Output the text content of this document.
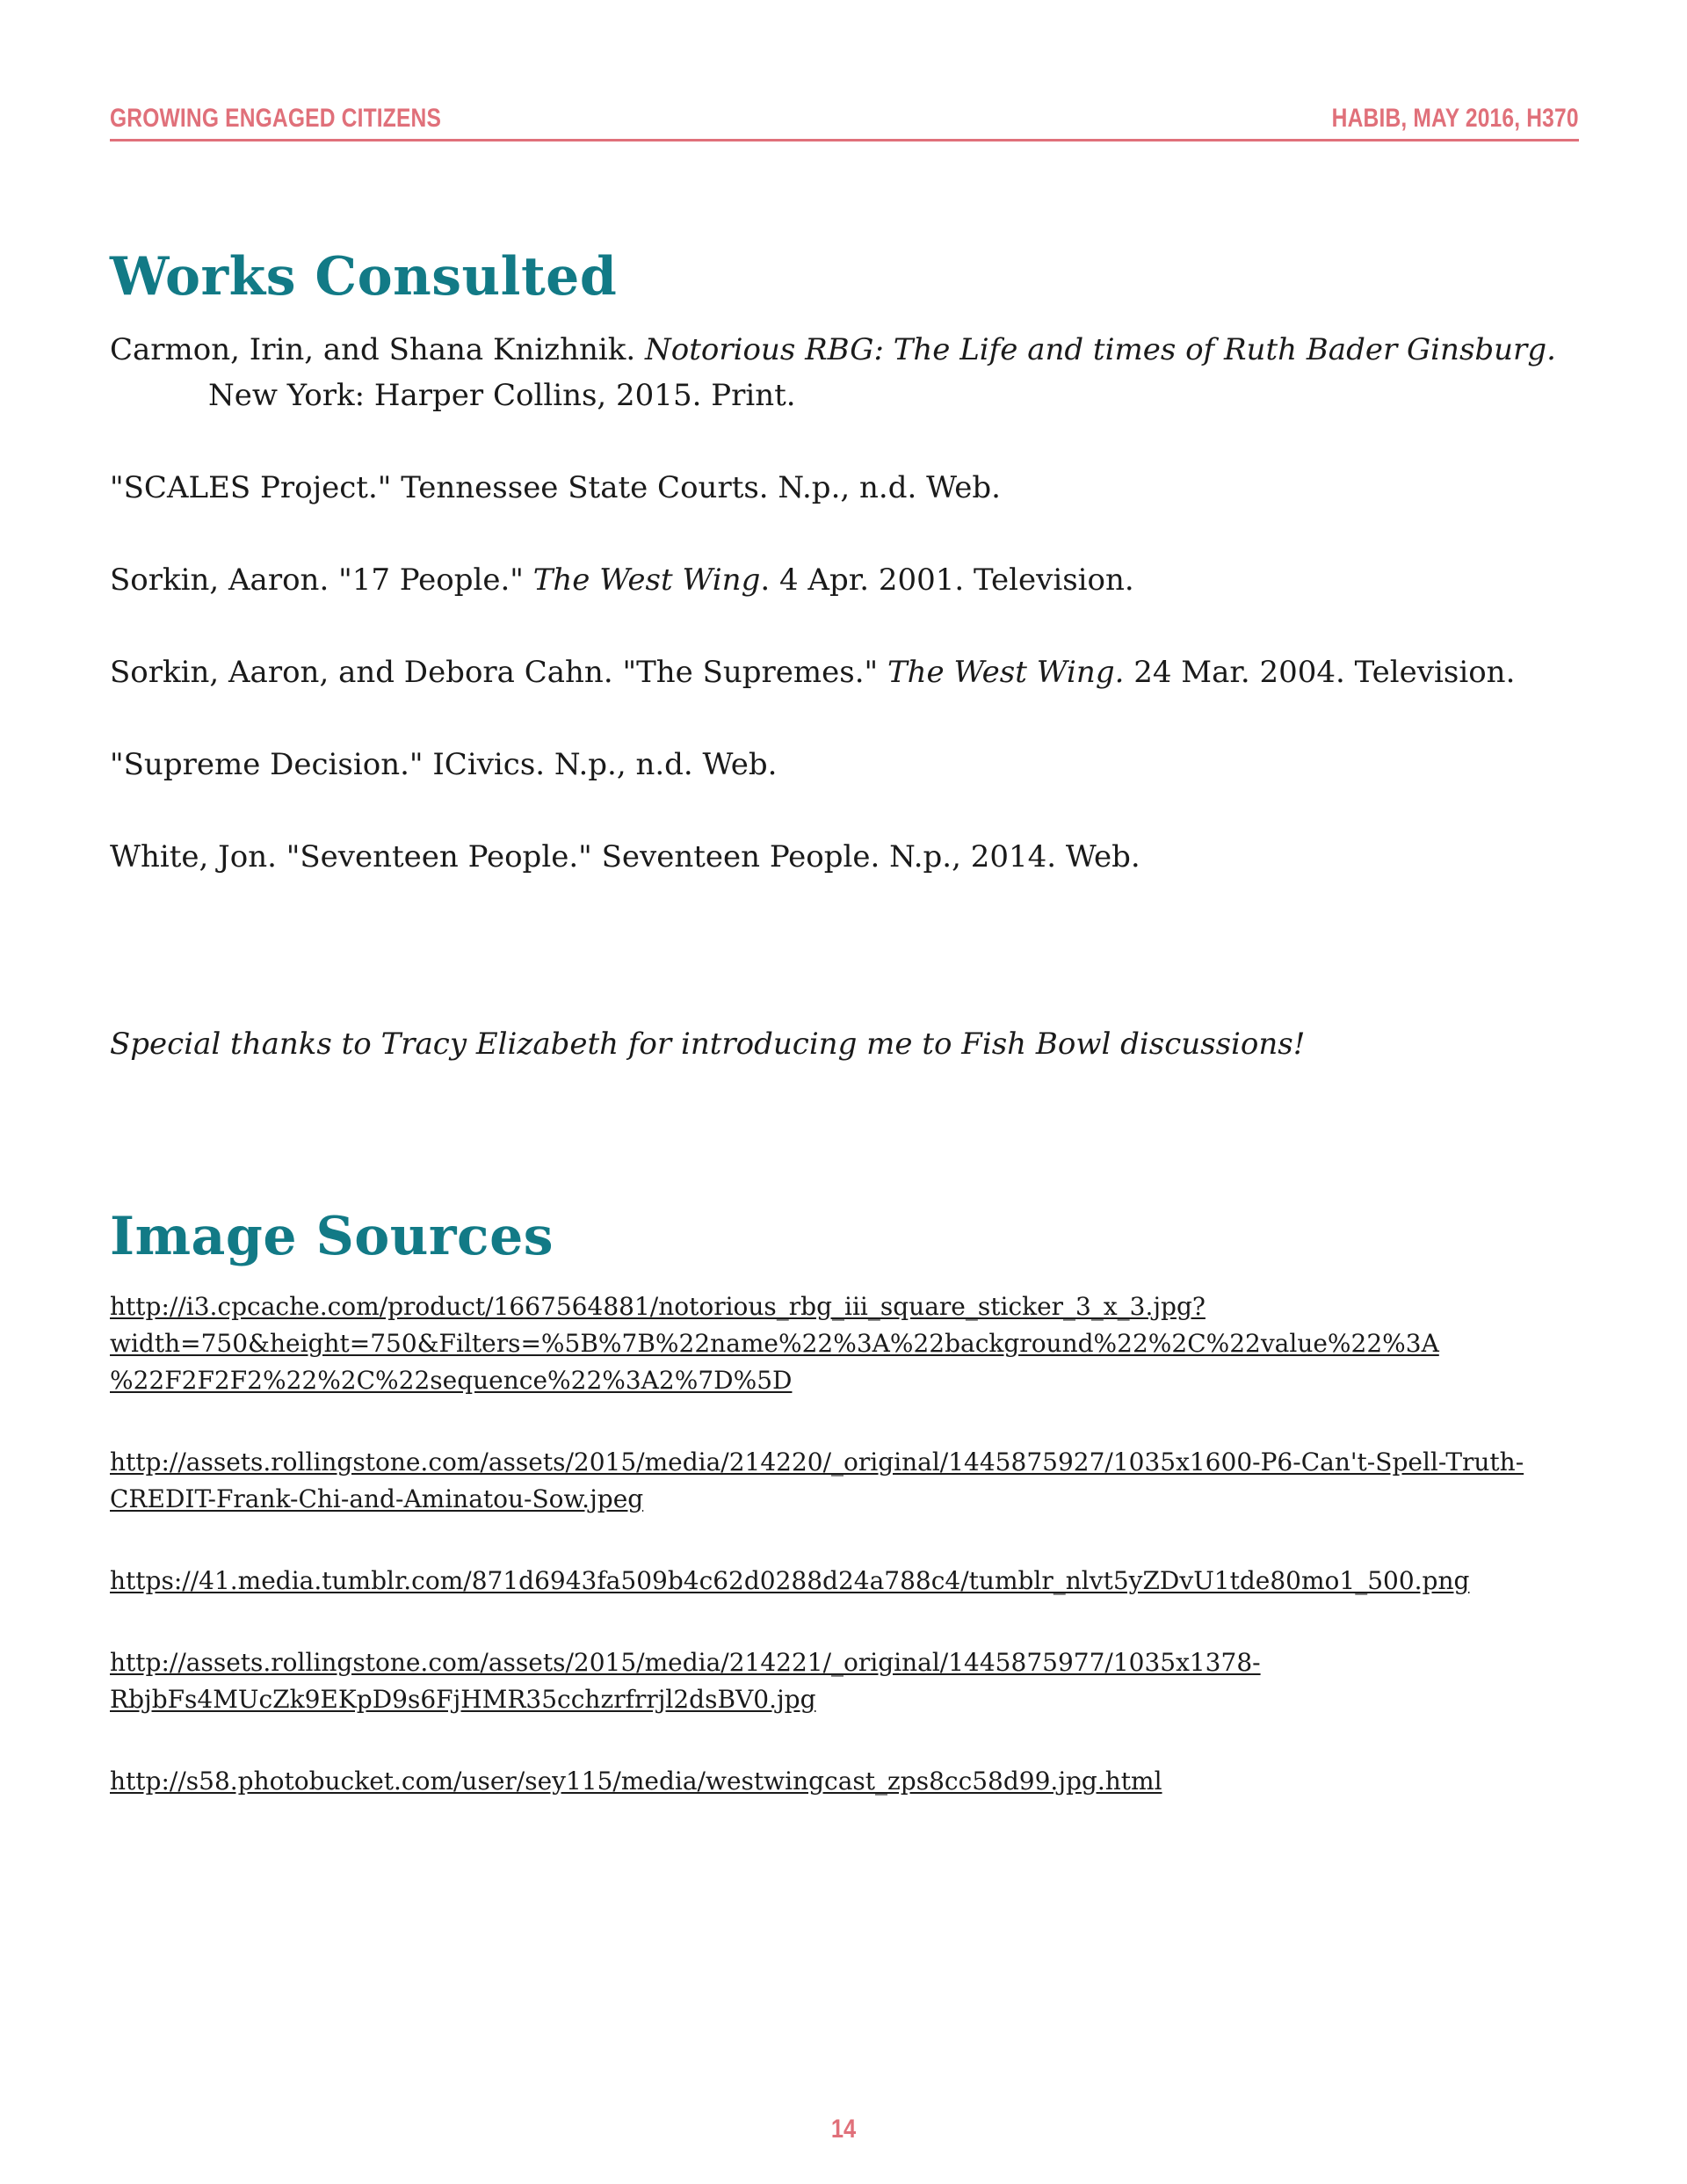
GROWING ENGAGED CITIZENS	HABIB, MAY 2016, H370
Works Consulted

Carmon, Irin, and Shana Knizhnik. Notorious RBG: The Life and times of Ruth Bader Ginsburg. New York: Harper Collins, 2015. Print.

"SCALES Project." Tennessee State Courts. N.p., n.d. Web.

Sorkin, Aaron. "17 People." The West Wing. 4 Apr. 2001. Television.

Sorkin, Aaron, and Debora Cahn. "The Supremes." The West Wing. 24 Mar. 2004. Television.

"Supreme Decision." ICivics. N.p., n.d. Web.

White, Jon. "Seventeen People." Seventeen People. N.p., 2014. Web.

Special thanks to Tracy Elizabeth for introducing me to Fish Bowl discussions!

Image Sources
http://i3.cpcache.com/product/1667564881/notorious_rbg_iii_square_sticker_3_x_3.jpg?
width=750&height=750&Filters=%5B%7B%22name%22%3A%22background%22%2C%22value%22%3A
%22F2F2F2%22%2C%22sequence%22%3A2%7D%5D
http://assets.rollingstone.com/assets/2015/media/214220/_original/1445875927/1035x1600-P6-Can't-Spell-Truth-
CREDIT-Frank-Chi-and-Aminatou-Sow.jpeg
https://41.media.tumblr.com/871d6943fa509b4c62d0288d24a788c4/tumblr_nlvt5yZDvU1tde80mo1_500.png
http://assets.rollingstone.com/assets/2015/media/214221/_original/1445875977/1035x1378-
RbjbFs4MUcZk9EKpD9s6FjHMR35cchzrfrrjl2dsBV0.jpg
http://s58.photobucket.com/user/sey115/media/westwingcast_zps8cc58d99.jpg.html
14
